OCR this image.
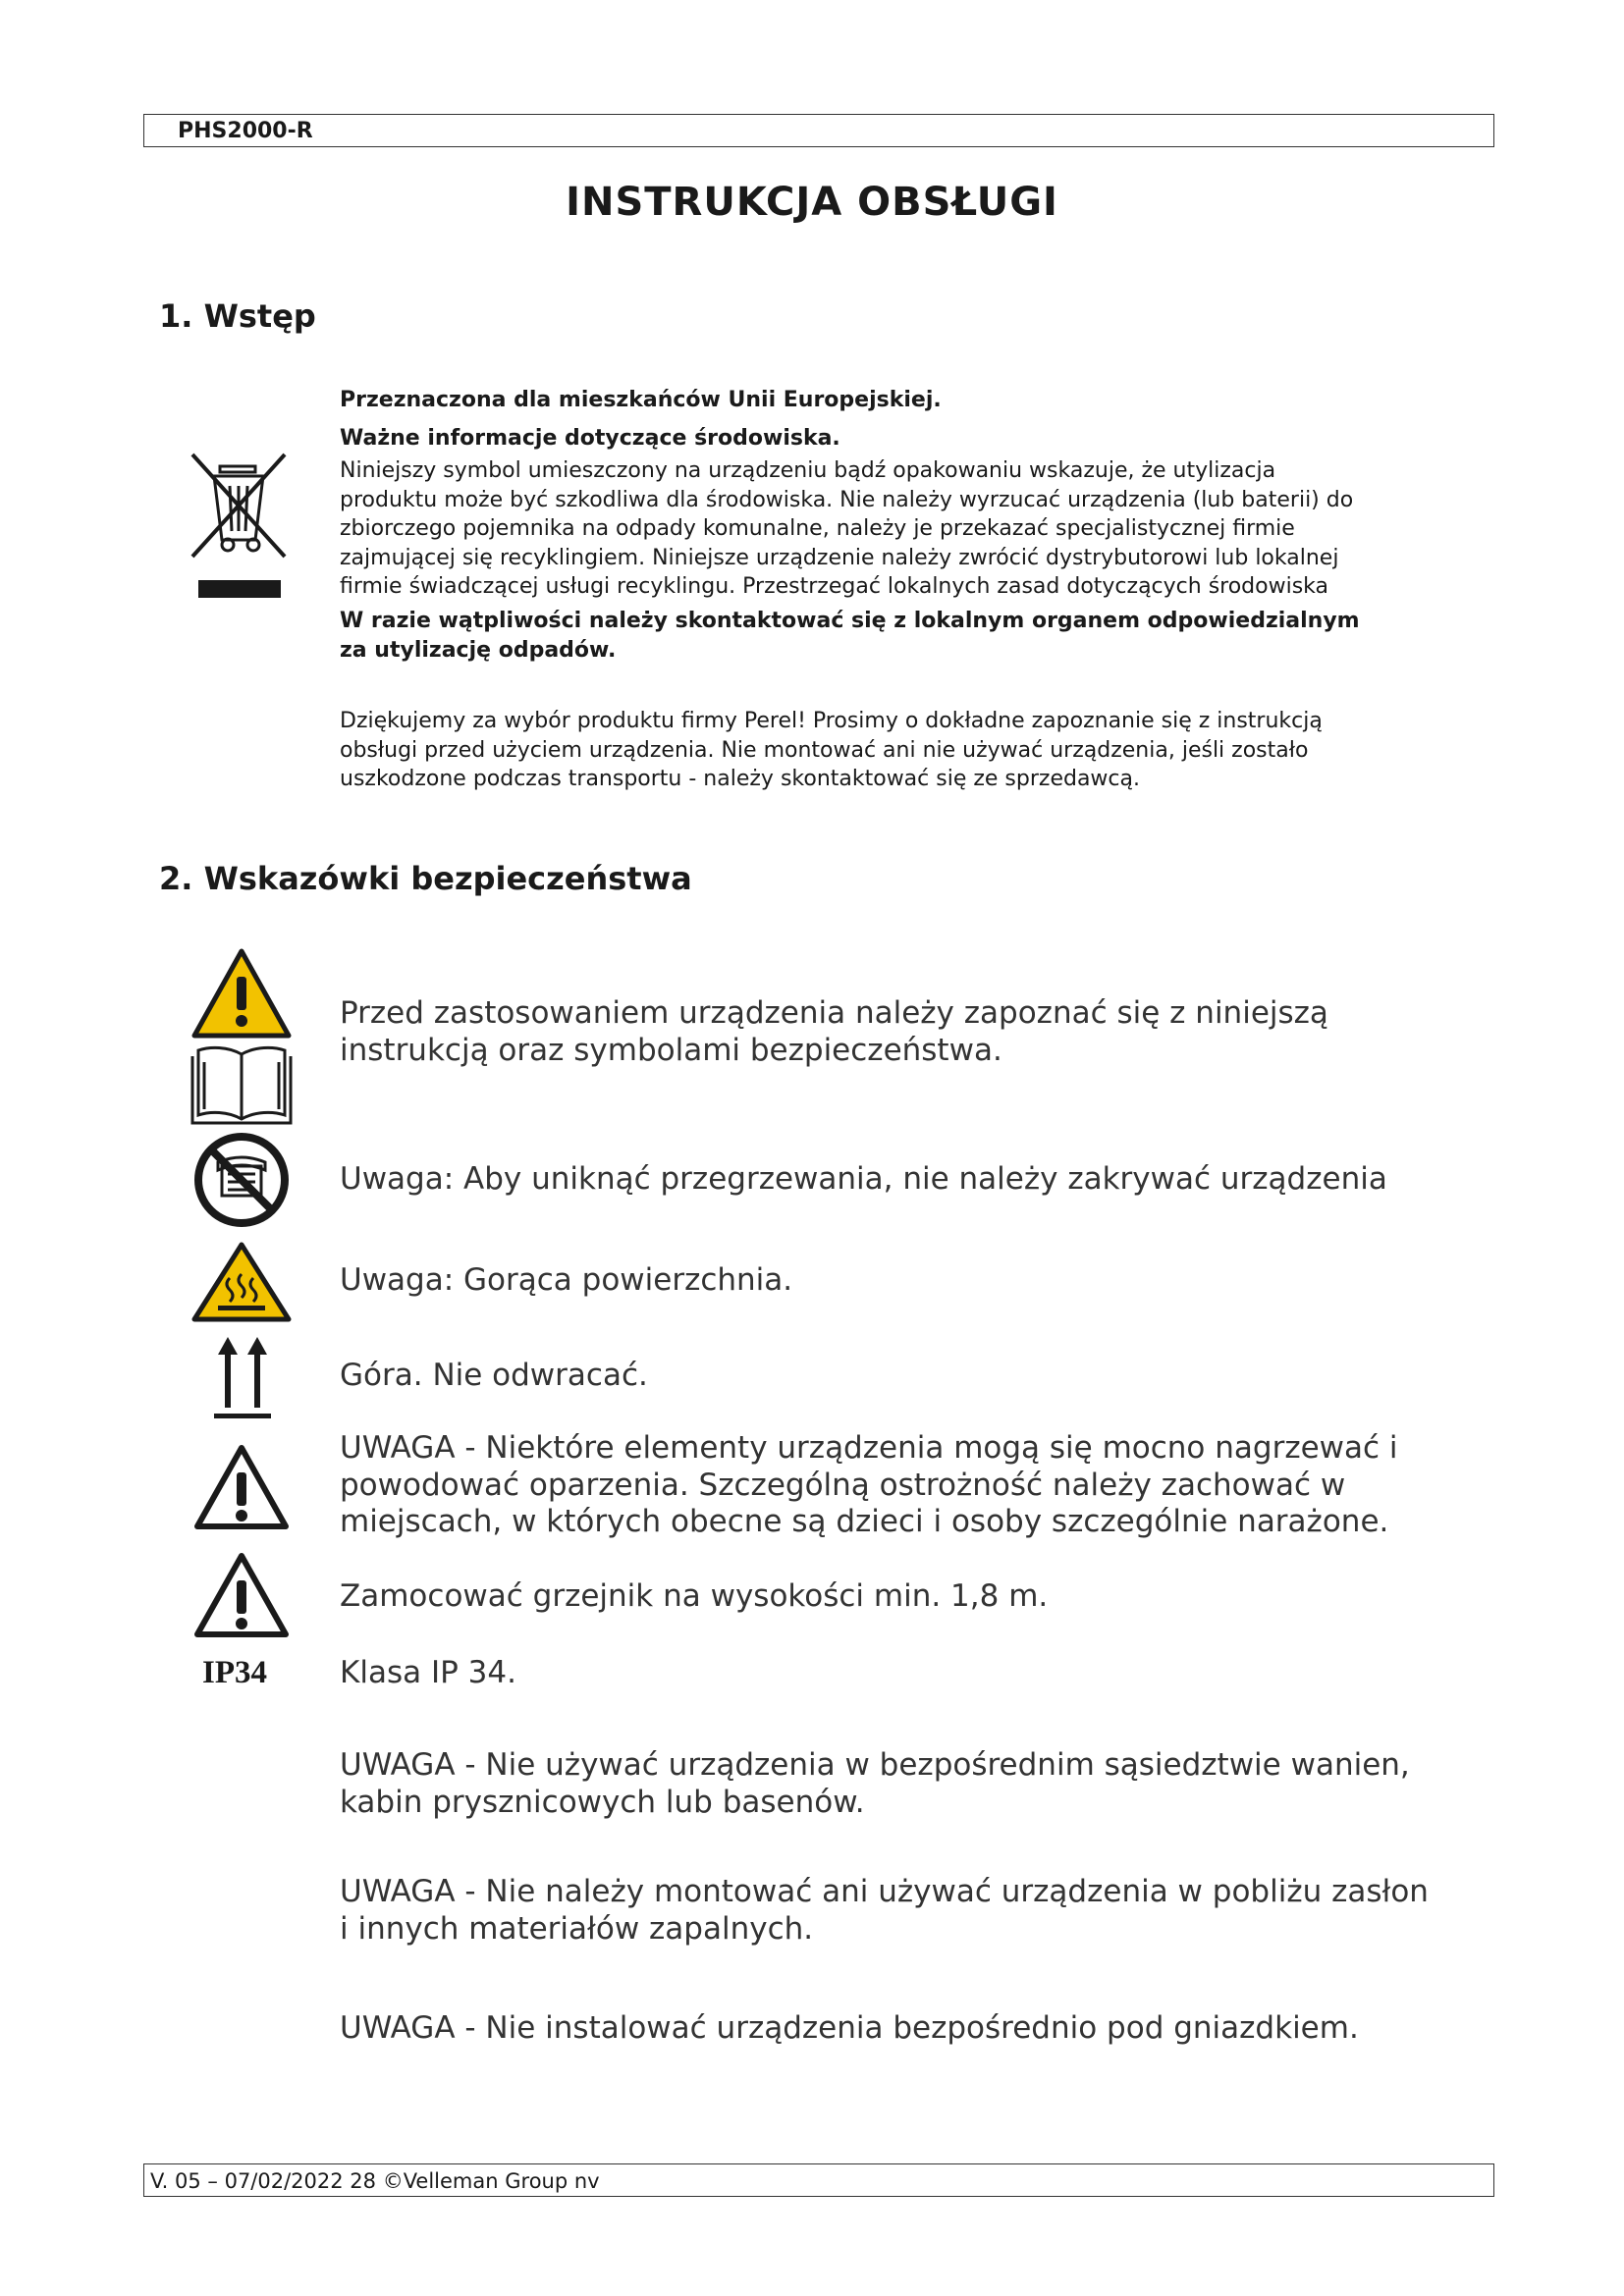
PHS2000-R
INSTRUKCJA OBSŁUGI
1. Wstęp
Przeznaczona dla mieszkańców Unii Europejskiej.
Ważne informacje dotyczące środowiska.
Niniejszy symbol umieszczony na urządzeniu bądź opakowaniu wskazuje, że utylizacja
produktu może być szkodliwa dla środowiska. Nie należy wyrzucać urządzenia (lub baterii) do
zbiorczego pojemnika na odpady komunalne, należy je przekazać specjalistycznej firmie
zajmującej się recyklingiem. Niniejsze urządzenie należy zwrócić dystrybutorowi lub lokalnej
firmie świadczącej usługi recyklingu. Przestrzegać lokalnych zasad dotyczących środowiska
W razie wątpliwości należy skontaktować się z lokalnym organem odpowiedzialnym
za utylizację odpadów.
Dziękujemy za wybór produktu firmy Perel! Prosimy o dokładne zapoznanie się z instrukcją
obsługi przed użyciem urządzenia. Nie montować ani nie używać urządzenia, jeśli zostało
uszkodzone podczas transportu - należy skontaktować się ze sprzedawcą.
2. Wskazówki bezpieczeństwa
Przed zastosowaniem urządzenia należy zapoznać się z niniejszą
instrukcją oraz symbolami bezpieczeństwa.
Uwaga: Aby uniknąć przegrzewania, nie należy zakrywać urządzenia
Uwaga: Gorąca powierzchnia.
Góra. Nie odwracać.
UWAGA - Niektóre elementy urządzenia mogą się mocno nagrzewać i
powodować oparzenia. Szczególną ostrożność należy zachować w
miejscach, w których obecne są dzieci i osoby szczególnie narażone.
Zamocować grzejnik na wysokości min. 1,8 m.
IP34 Klasa IP 34.
UWAGA - Nie używać urządzenia w bezpośrednim sąsiedztwie wanien,
kabin prysznicowych lub basenów.
UWAGA - Nie należy montować ani używać urządzenia w pobliżu zasłon
i innych materiałów zapalnych.
UWAGA - Nie instalować urządzenia bezpośrednio pod gniazdkiem.
V. 05 – 07/02/2022 28 ©Velleman Group nv
